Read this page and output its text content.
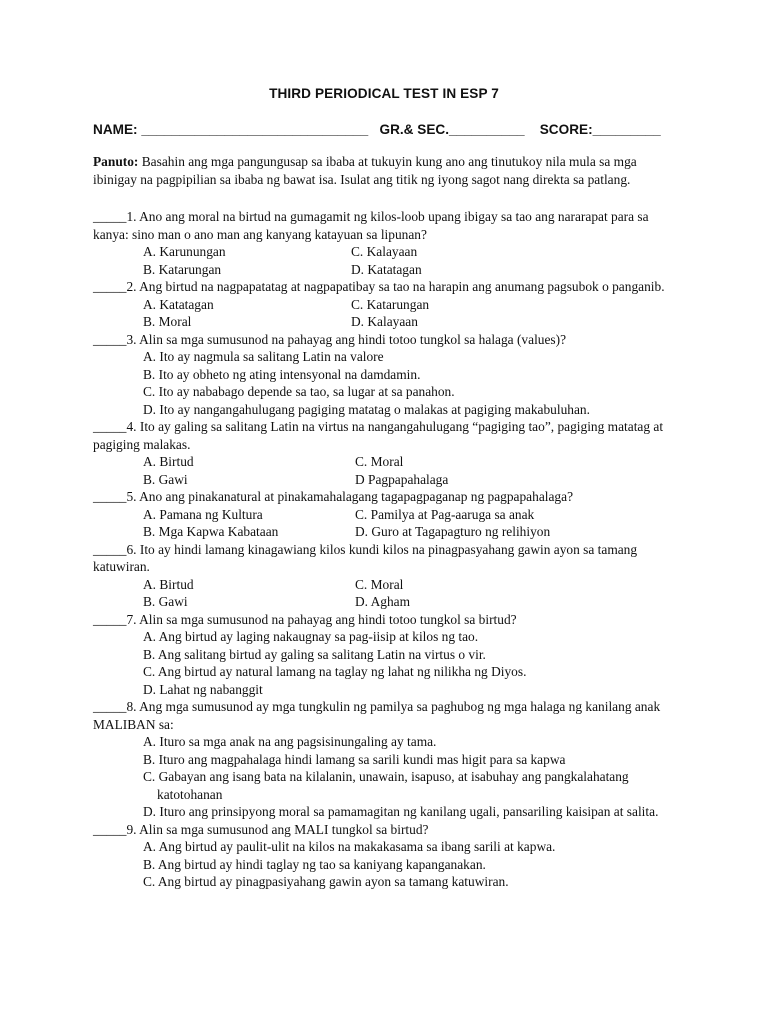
THIRD PERIODICAL TEST IN ESP 7
NAME: ______________________________ GR.& SEC.__________ SCORE:_________
Panuto: Basahin ang mga pangungusap sa ibaba at tukuyin kung ano ang tinutukoy nila mula sa mga ibinigay na pagpipilian sa ibaba ng bawat isa. Isulat ang titik ng iyong sagot nang direkta sa patlang.
_____1. Ano ang moral na birtud na gumagamit ng kilos-loob upang ibigay sa tao ang nararapat para sa kanya: sino man o ano man ang kanyang katayuan sa lipunan?
A. Karunungan	C. Kalayaan
B. Katarungan	D. Katatagan
_____2. Ang birtud na nagpapatatag at nagpapatibay sa tao na harapin ang anumang pagsubok o panganib.
A. Katatagan	C. Katarungan
B. Moral	D. Kalayaan
_____3. Alin sa mga sumusunod na pahayag ang hindi totoo tungkol sa halaga (values)?
A. Ito ay nagmula sa salitang Latin na valore
B. Ito ay obheto ng ating intensyonal na damdamin.
C. Ito ay nababago depende sa tao, sa lugar at sa panahon.
D. Ito ay nangangahulugang pagiging matatag o malakas at pagiging makabuluhan.
_____4. Ito ay galing sa salitang Latin na virtus na nangangahulugang “pagiging tao”, pagiging matatag at pagiging malakas.
A. Birtud	C. Moral
B. Gawi	D Pagpapahalaga
_____5. Ano ang pinakanatural at pinakamahalagang tagapagpaganap ng pagpapahalaga?
A. Pamana ng Kultura	C. Pamilya at Pag-aaruga sa anak
B. Mga Kapwa Kabataan	D. Guro at Tagapagturo ng relihiyon
_____6. Ito ay hindi lamang kinagawiang kilos kundi kilos na pinagpasyahang gawin ayon sa tamang katuwiran.
A. Birtud	C. Moral
B. Gawi	D. Agham
_____7. Alin sa mga sumusunod na pahayag ang hindi totoo tungkol sa birtud?
A. Ang birtud ay laging nakaugnay sa pag-iisip at kilos ng tao.
B. Ang salitang birtud ay galing sa salitang Latin na virtus o vir.
C. Ang birtud ay natural lamang na taglay ng lahat ng nilikha ng Diyos.
D. Lahat ng nabanggit
_____8. Ang mga sumusunod ay mga tungkulin ng pamilya sa paghubog ng mga halaga ng kanilang anak MALIBAN sa:
A. Ituro sa mga anak na ang pagsisinungaling ay tama.
B. Ituro ang magpahalaga hindi lamang sa sarili kundi mas higit para sa kapwa
C. Gabayan ang isang bata na kilalanin, unawain, isapuso, at isabuhay ang pangkalahatang katotohanan
D. Ituro ang prinsipyong moral sa pamamagitan ng kanilang ugali, pansariling kaisipan at salita.
_____9. Alin sa mga sumusunod ang MALI tungkol sa birtud?
A. Ang birtud ay paulit-ulit na kilos na makakasama sa ibang sarili at kapwa.
B. Ang birtud ay hindi taglay ng tao sa kaniyang kapanganakan.
C. Ang birtud ay pinagpasiyahang gawin ayon sa tamang katuwiran.
